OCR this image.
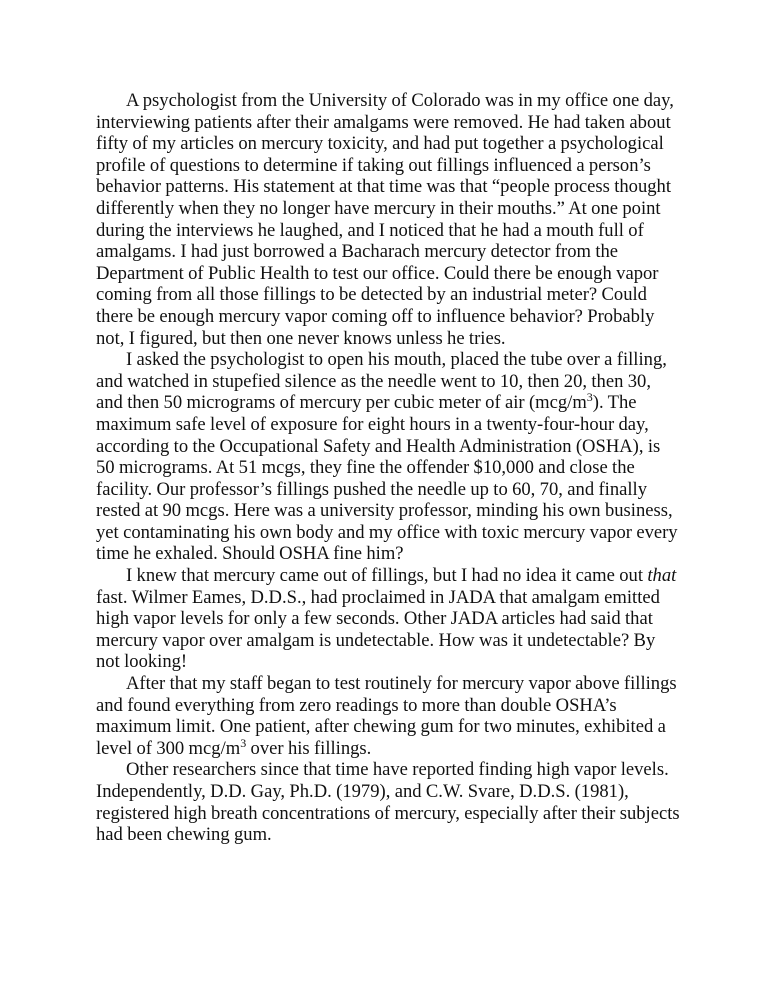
A psychologist from the University of Colorado was in my office one day, interviewing patients after their amalgams were removed. He had taken about fifty of my articles on mercury toxicity, and had put together a psychological profile of questions to determine if taking out fillings influenced a person’s behavior patterns. His statement at that time was that “people process thought differently when they no longer have mercury in their mouths.” At one point during the interviews he laughed, and I noticed that he had a mouth full of amalgams. I had just borrowed a Bacharach mercury detector from the Department of Public Health to test our office. Could there be enough vapor coming from all those fillings to be detected by an industrial meter? Could there be enough mercury vapor coming off to influence behavior? Probably not, I figured, but then one never knows unless he tries.

I asked the psychologist to open his mouth, placed the tube over a filling, and watched in stupefied silence as the needle went to 10, then 20, then 30, and then 50 micrograms of mercury per cubic meter of air $(mcg/m^3)$. The maximum safe level of exposure for eight hours in a twenty-four-hour day, according to the Occupational Safety and Health Administration (OSHA), is 50 micrograms. At 51 mcgs, they fine the offender $10,000 and close the facility. Our professor’s fillings pushed the needle up to 60, 70, and finally rested at 90 mcgs. Here was a university professor, minding his own business, yet contaminating his own body and my office with toxic mercury vapor every time he exhaled. Should OSHA fine him?

I knew that mercury came out of fillings, but I had no idea it came out that fast. Wilmer Eames, D.D.S., had proclaimed in JADA that amalgam emitted high vapor levels for only a few seconds. Other JADA articles had said that mercury vapor over amalgam is undetectable. How was it undetectable? By not looking!

After that my staff began to test routinely for mercury vapor above fillings and found everything from zero readings to more than double OSHA’s maximum limit. One patient, after chewing gum for two minutes, exhibited a level of 300 mcg/$m^3$ over his fillings.

Other researchers since that time have reported finding high vapor levels. Independently, D.D. Gay, Ph.D. (1979), and C.W. Svare, D.D.S. (1981), registered high breath concentrations of mercury, especially after their subjects had been chewing gum.
